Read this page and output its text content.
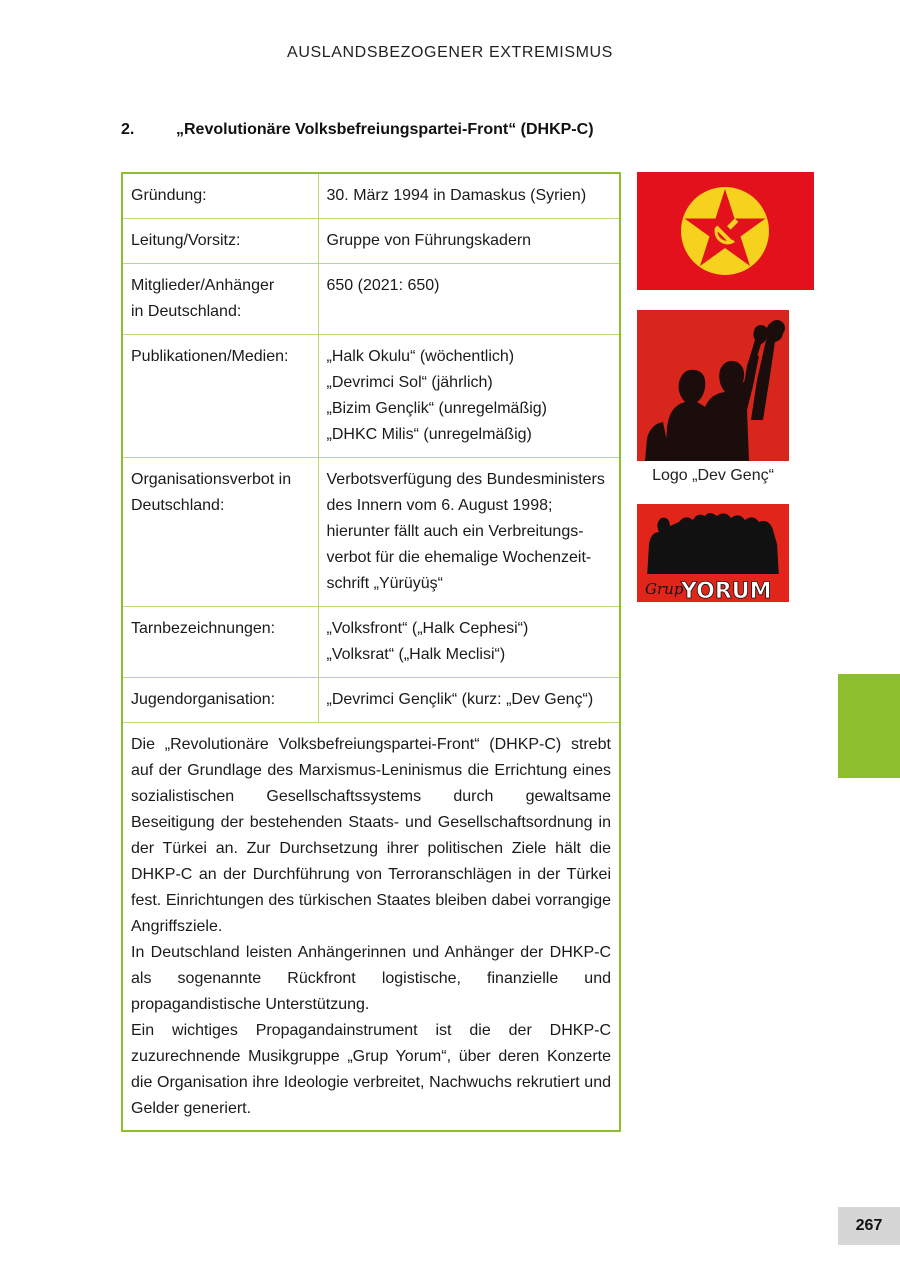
AUSLANDSBEZOGENER EXTREMISMUS
2.	„Revolutionäre Volksbefreiungspartei-Front“ (DHKP-C)
Gründung:	30. März 1994 in Damaskus (Syrien)

Leitung/Vorsitz:	Gruppe von Führungskadern

Mitglieder/Anhänger
in Deutschland:	650 (2021: 650)

Publikationen/Medien:	„Halk Okulu“ (wöchentlich)
„Devrimci Sol“ (jährlich)
„Bizim Gençlik“ (unregelmäßig)
„DHKC Milis“ (unregelmäßig)

Organisationsverbot in
Deutschland:	Verbotsverfügung des Bundesministers
des Innern vom 6. August 1998;
hierunter fällt auch ein Verbreitungs-
verbot für die ehemalige Wochenzeit-
schrift „Yürüyüş“

Tarnbezeichnungen:	„Volksfront“ („Halk Cephesi“)
„Volksrat“ („Halk Meclisi“)

Jugendorganisation:	„Devrimci Gençlik“ (kurz: „Dev Genç“)

Die „Revolutionäre Volksbefreiungspartei-Front“ (DHKP-C) strebt auf der Grundlage des Marxismus-Leninismus die Errichtung eines sozialistischen Gesellschaftssystems durch gewaltsame Beseitigung der bestehenden Staats- und Gesellschaftsordnung in der Türkei an. Zur Durchsetzung ihrer politischen Ziele hält die DHKP-C an der Durchführung von Terroranschlägen in der Türkei fest. Einrichtungen des türkischen Staates bleiben dabei vorrangige Angriffsziele.

In Deutschland leisten Anhängerinnen und Anhänger der DHKP-C als sogenannte Rückfront logistische, finanzielle und propagandistische Unterstützung.

Ein wichtiges Propagandainstrument ist die der DHKP-C zuzurechnende Musikgruppe „Grup Yorum“, über deren Konzerte die Organisation ihre Ideologie verbreitet, Nachwuchs rekrutiert und Gelder generiert.

Logo „Dev Genç“
Grup
YORUM
267
